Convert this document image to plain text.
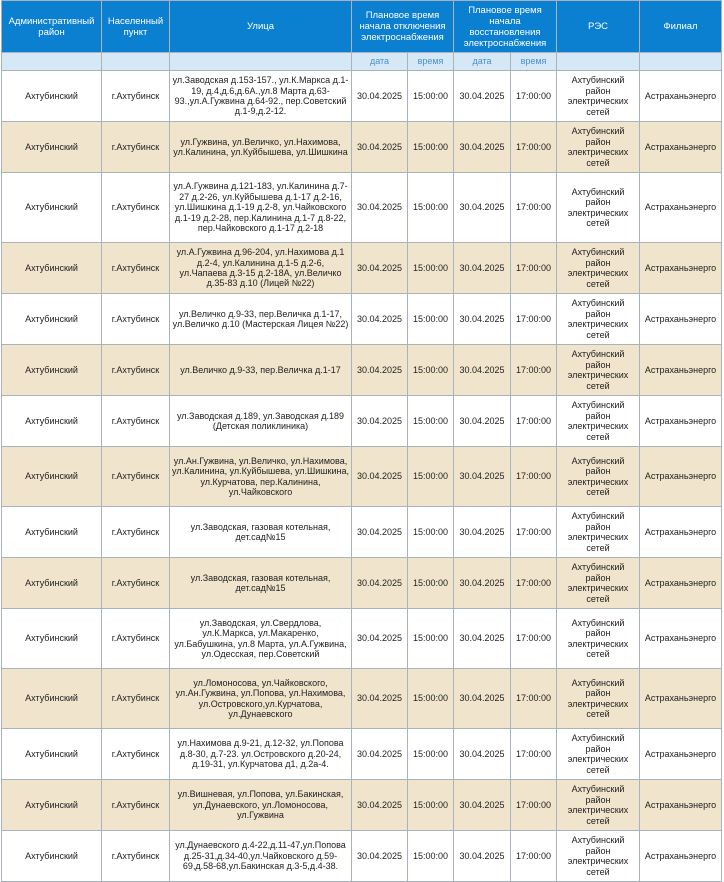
Административный район	Населенный пункт	Улица	Плановое время начала отключения электроснабжения		Плановое время начала восстановления электроснабжения		РЭС	Филиал
			дата	время	дата	время		
Ахтубинский	г.Ахтубинск	ул.Заводская д.153-157., ул.К.Маркса д.1-19, д.4,д.6,д.6А.,ул.8 Марта д.63-93.,ул.А.Гужвина д.64-92., пер.Советский д.1-9,д.2-12.	30.04.2025	15:00:00	30.04.2025	17:00:00	Ахтубинский район электрических сетей	Астраханьэнерго
Ахтубинский	г.Ахтубинск	ул.Гужвина, ул.Величко, ул.Нахимова, ул.Калинина, ул.Куйбышева, ул.Шишкина	30.04.2025	15:00:00	30.04.2025	17:00:00	Ахтубинский район электрических сетей	Астраханьэнерго
Ахтубинский	г.Ахтубинск	ул.А.Гужвина д.121-183, ул.Калинина д.7-27 д.2-26, ул.Куйбышева д.1-17 д.2-16, ул.Шишкина д.1-19 д.2-8, ул.Чайковского д.1-19 д.2-28, пер.Калинина д.1-7 д.8-22, пер.Чайковского д.1-17 д.2-18	30.04.2025	15:00:00	30.04.2025	17:00:00	Ахтубинский район электрических сетей	Астраханьэнерго
Ахтубинский	г.Ахтубинск	ул.А.Гужвина д.96-204, ул.Нахимова д.1 д.2-4, ул.Калинина д.1-5 д.2-6, ул.Чапаева д.3-15 д.2-18А, ул.Величко д.35-83 д.10 (Лицей №22)	30.04.2025	15:00:00	30.04.2025	17:00:00	Ахтубинский район электрических сетей	Астраханьэнерго
Ахтубинский	г.Ахтубинск	ул.Величко д.9-33, пер.Величка д.1-17, ул.Величко д.10 (Мастерская Лицея №22)	30.04.2025	15:00:00	30.04.2025	17:00:00	Ахтубинский район электрических сетей	Астраханьэнерго
Ахтубинский	г.Ахтубинск	ул.Величко д.9-33, пер.Величка д.1-17	30.04.2025	15:00:00	30.04.2025	17:00:00	Ахтубинский район электрических сетей	Астраханьэнерго
Ахтубинский	г.Ахтубинск	ул.Заводская д.189, ул.Заводская д.189 (Детская поликлиника)	30.04.2025	15:00:00	30.04.2025	17:00:00	Ахтубинский район электрических сетей	Астраханьэнерго
Ахтубинский	г.Ахтубинск	ул.Ан.Гужвина, ул.Величко, ул.Нахимова, ул.Калинина, ул.Куйбышева, ул.Шишкина, ул.Курчатова, пер.Калинина, ул.Чайковского	30.04.2025	15:00:00	30.04.2025	17:00:00	Ахтубинский район электрических сетей	Астраханьэнерго
Ахтубинский	г.Ахтубинск	ул.Заводская, газовая котельная, дет.сад№15	30.04.2025	15:00:00	30.04.2025	17:00:00	Ахтубинский район электрических сетей	Астраханьэнерго
Ахтубинский	г.Ахтубинск	ул.Заводская, газовая котельная, дет.сад№15	30.04.2025	15:00:00	30.04.2025	17:00:00	Ахтубинский район электрических сетей	Астраханьэнерго
Ахтубинский	г.Ахтубинск	ул.Заводская, ул.Свердлова, ул.К.Маркса, ул.Макаренко, ул.Бабушкина, ул.8 Марта, ул.А.Гужвина, ул.Одесская, пер.Советский	30.04.2025	15:00:00	30.04.2025	17:00:00	Ахтубинский район электрических сетей	Астраханьэнерго
Ахтубинский	г.Ахтубинск	ул.Ломоносова, ул.Чайковского, ул.Ан.Гужвина, ул.Попова, ул.Нахимова, ул.Островского,ул.Курчатова, ул.Дунаевского	30.04.2025	15:00:00	30.04.2025	17:00:00	Ахтубинский район электрических сетей	Астраханьэнерго
Ахтубинский	г.Ахтубинск	ул.Нахимова д.9-21, д.12-32, ул.Попова д.8-30, д.7-23. ул.Островского д.20-24, д.19-31, ул.Курчатова д1, д.2а-4.	30.04.2025	15:00:00	30.04.2025	17:00:00	Ахтубинский район электрических сетей	Астраханьэнерго
Ахтубинский	г.Ахтубинск	ул.Вишневая, ул.Попова, ул.Бакинская, ул.Дунаевского, ул.Ломоносова, ул.Гужвина	30.04.2025	15:00:00	30.04.2025	17:00:00	Ахтубинский район электрических сетей	Астраханьэнерго
Ахтубинский	г.Ахтубинск	ул.Дунаевского д.4-22,д.11-47,ул.Попова д.25-31,д.34-40,ул.Чайковского д.59-69,д.58-68,ул.Бакинская д.3-5,д.4-38.	30.04.2025	15:00:00	30.04.2025	17:00:00	Ахтубинский район электрических сетей	Астраханьэнерго
